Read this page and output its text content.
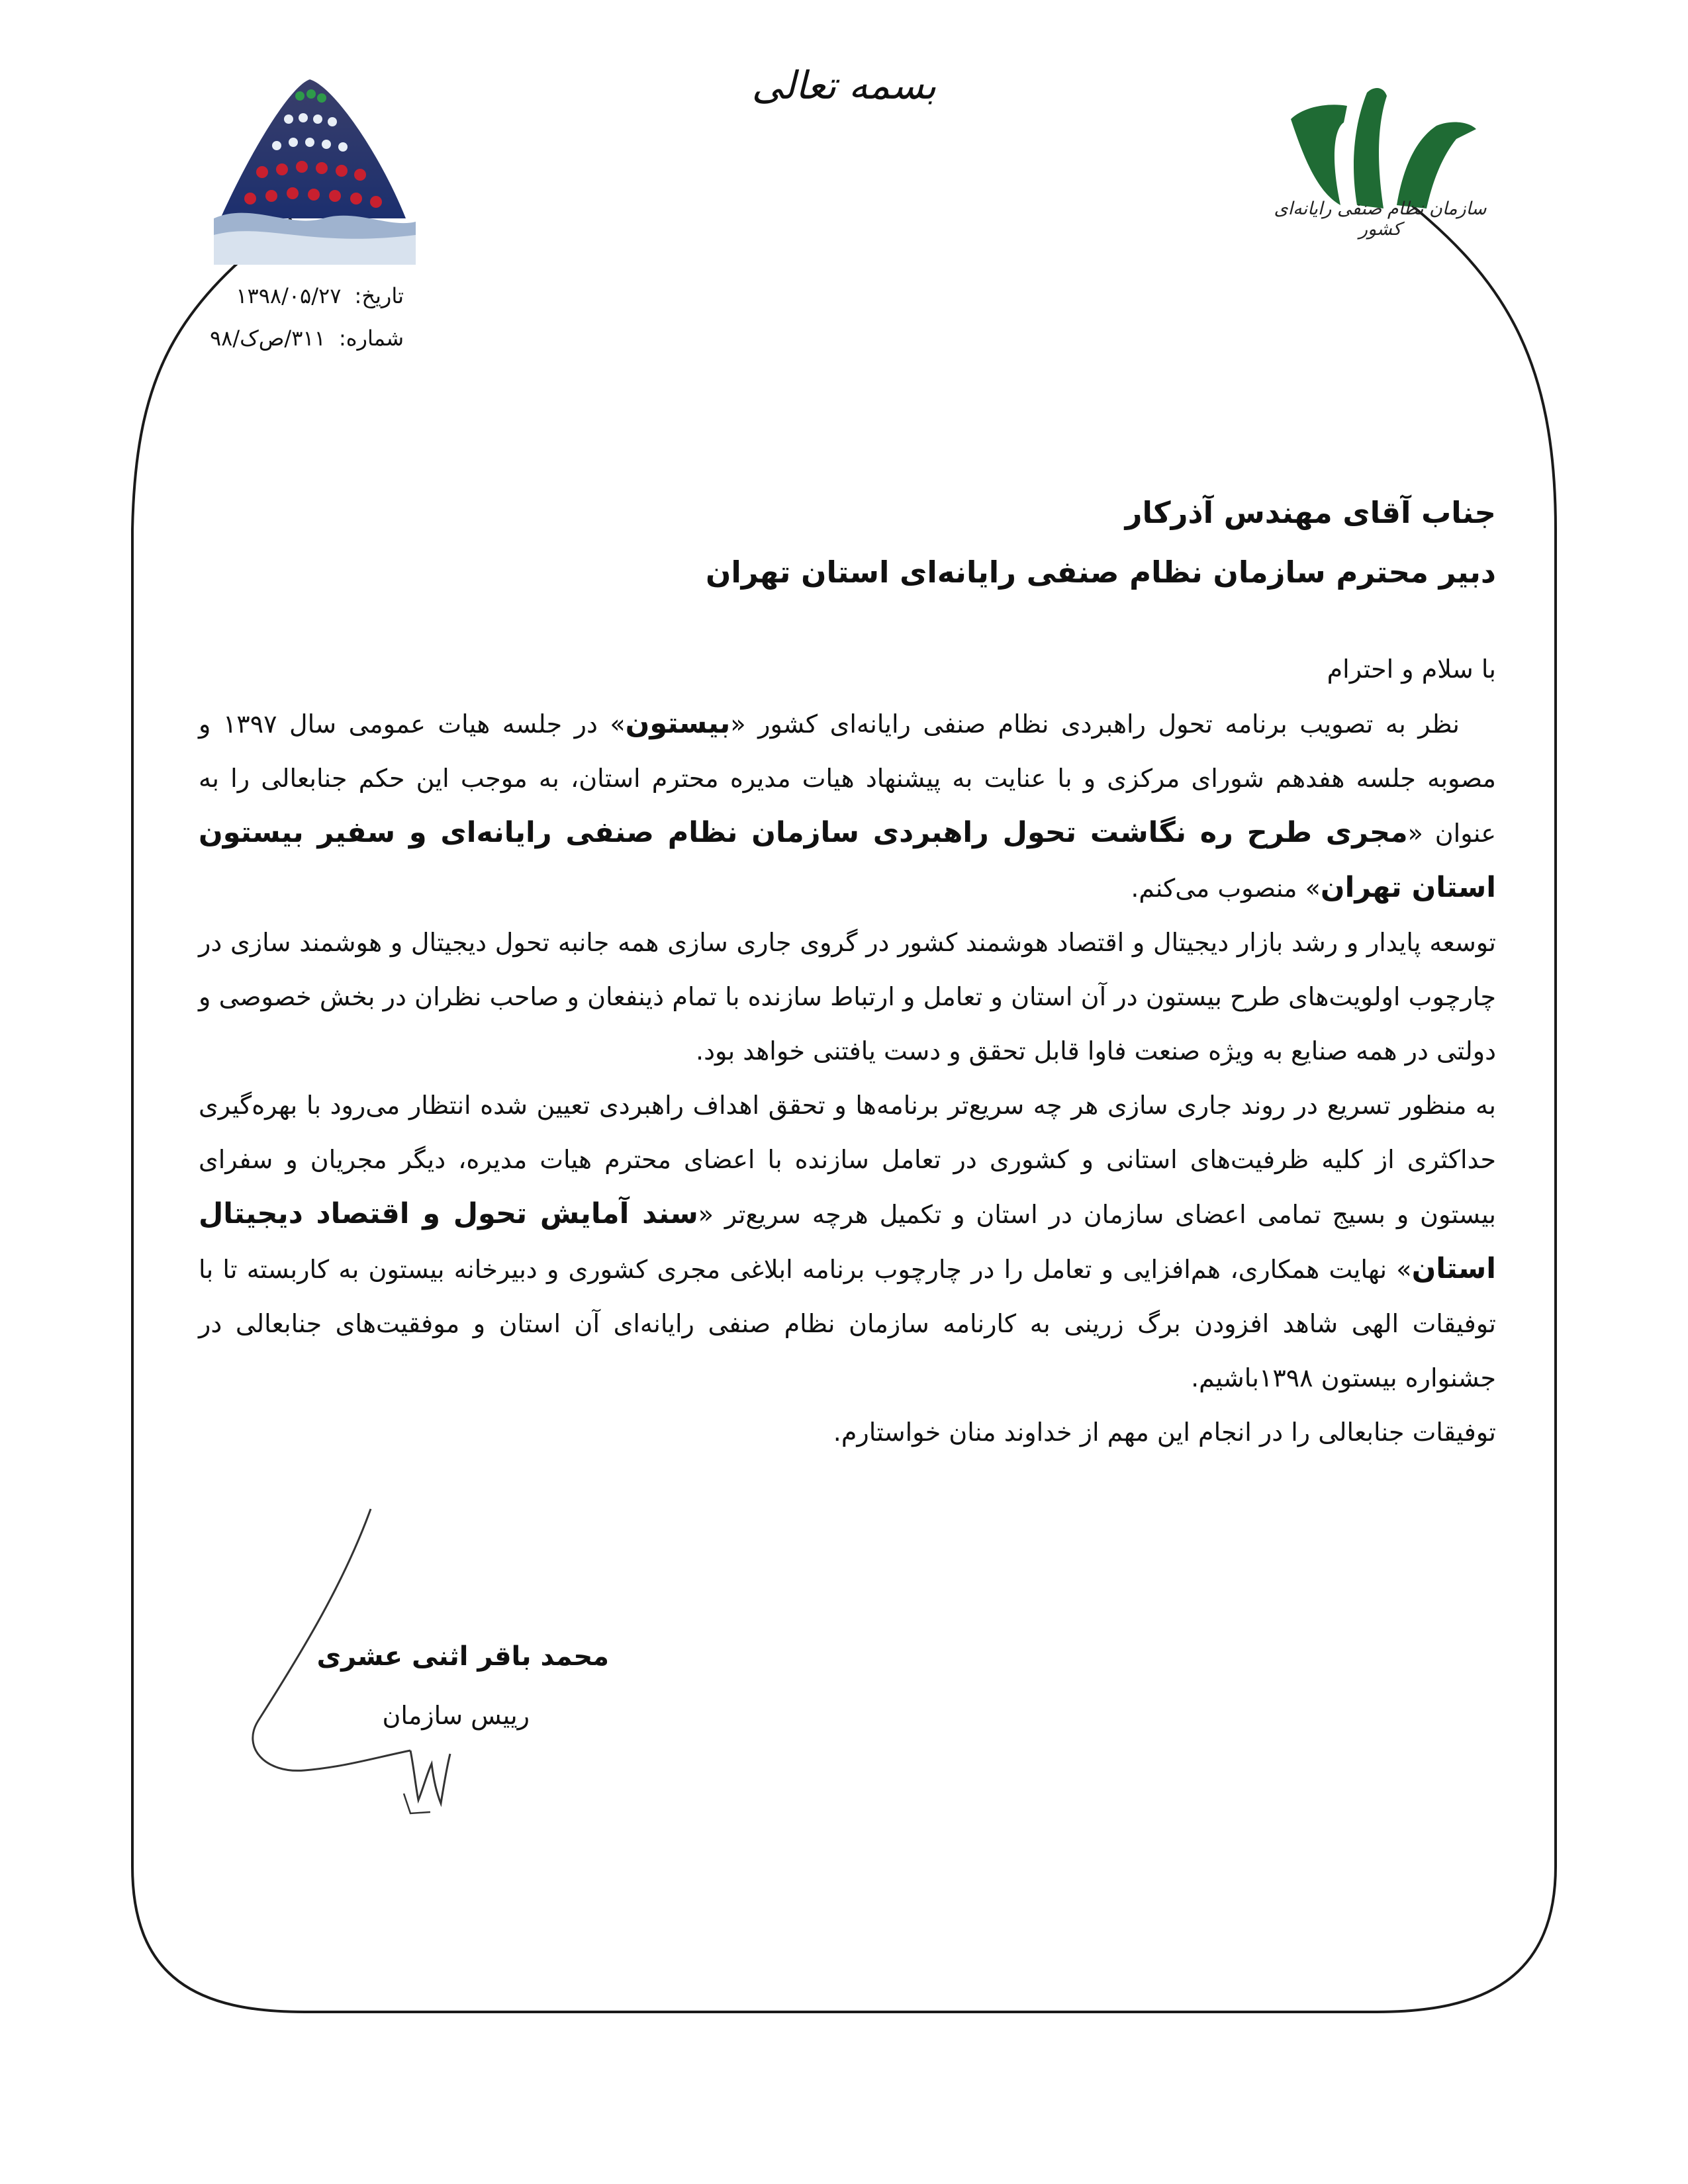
بسمه تعالی
سازمان نظام صنفی رایانه‌ای کشور
تاریخ: ۱۳۹۸/۰۵/۲۷
شماره: ۳۱۱/ص‌ک/۹۸
جناب آقای مهندس آذرکار
دبیر محترم سازمان نظام صنفی رایانه‌ای استان تهران

با سلام و احترام

نظر به تصویب برنامه تحول راهبردی نظام صنفی رایانه‌ای کشور «بیستون» در جلسه هیات عمومی سال ۱۳۹۷ و مصوبه جلسه هفدهم شورای مرکزی و با عنایت به پیشنهاد هیات مدیره محترم استان، به موجب این حکم جنابعالی را به عنوان «مجری طرح ره نگاشت تحول راهبردی سازمان نظام صنفی رایانه‌ای و سفیر بیستون استان تهران» منصوب می‌کنم.

توسعه پایدار و رشد بازار دیجیتال و اقتصاد هوشمند کشور در گروی جاری سازی همه جانبه تحول دیجیتال و هوشمند سازی در چارچوب اولویت‌های طرح بیستون در آن استان و تعامل و ارتباط سازنده با تمام ذینفعان و صاحب نظران در بخش خصوصی و دولتی در همه صنایع به ویژه صنعت فاوا قابل تحقق و دست یافتنی خواهد بود.

به منظور تسریع در روند جاری سازی هر چه سریع‌تر برنامه‌ها و تحقق اهداف راهبردی تعیین شده انتظار می‌رود با بهره‌گیری حداکثری از کلیه ظرفیت‌های استانی و کشوری در تعامل سازنده با اعضای محترم هیات مدیره، دیگر مجریان و سفرای بیستون و بسیج تمامی اعضای سازمان در استان و تکمیل هرچه سریع‌تر «سند آمایش تحول و اقتصاد دیجیتال استان» نهایت همکاری، هم‌افزایی و تعامل را در چارچوب برنامه ابلاغی مجری کشوری و دبیرخانه بیستون به کاربسته تا با توفیقات الهی شاهد افزودن برگ زرینی به کارنامه سازمان نظام صنفی رایانه‌ای آن استان و موفقیت‌های جنابعالی در جشنواره بیستون ۱۳۹۸باشیم.

توفیقات جنابعالی را در انجام این مهم از خداوند منان خواستارم.

محمد باقر اثنی عشری
رییس سازمان
